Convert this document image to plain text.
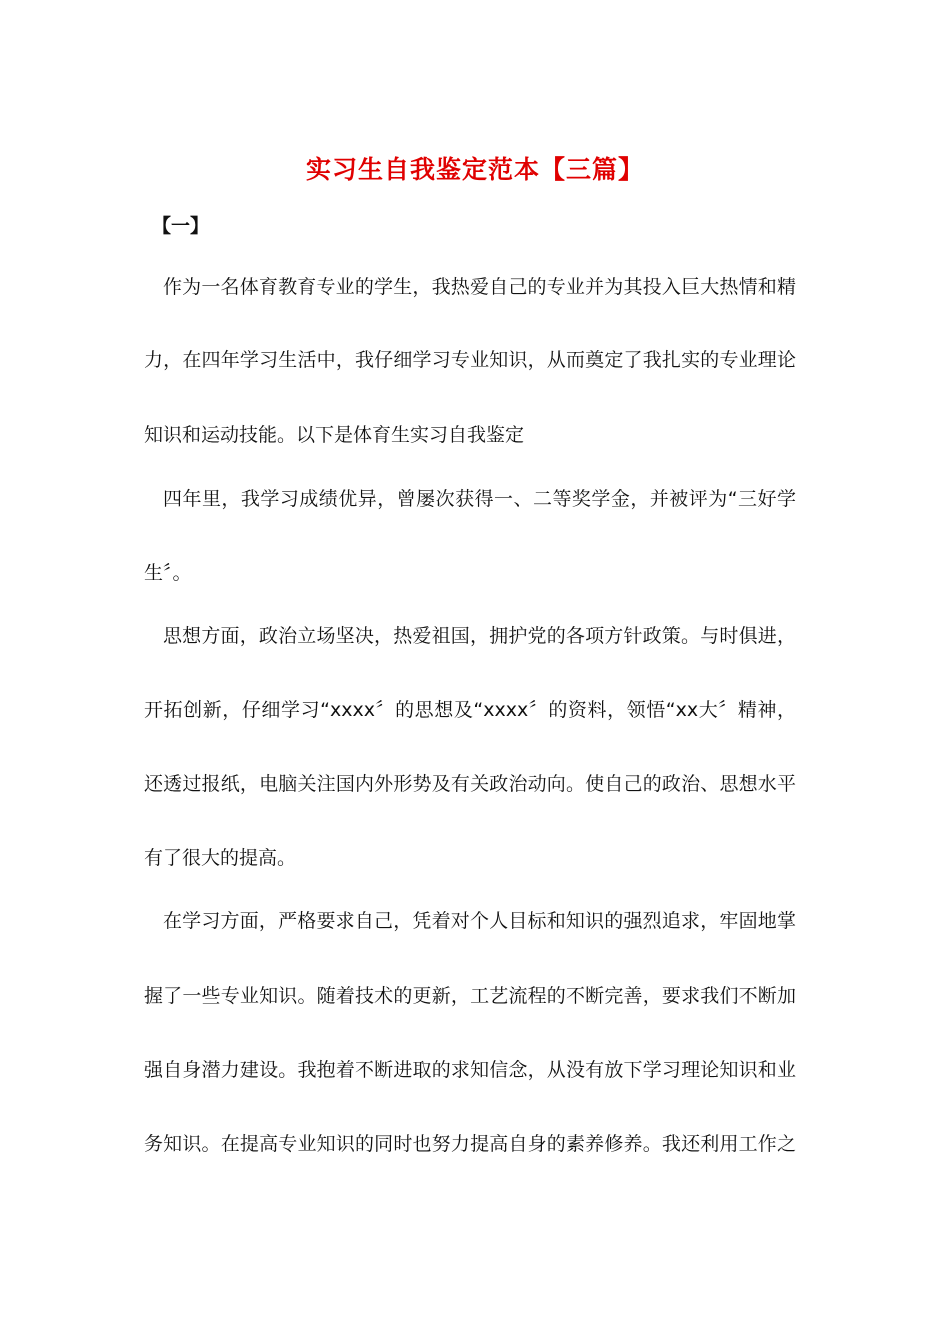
实习生自我鉴定范本【三篇】
【一】
作为一名体育教育专业的学生，我热爱自己的专业并为其投入巨大热情和精
力，在四年学习生活中，我仔细学习专业知识，从而奠定了我扎实的专业理论
知识和运动技能。以下是体育生实习自我鉴定
四年里，我学习成绩优异，曾屡次获得一、二等奖学金，并被评为“三好学
生〞。
思想方面，政治立场坚决，热爱祖国，拥护党的各项方针政策。与时俱进，
开拓创新，仔细学习“xxxx〞的思想及“xxxx〞的资料，领悟“xx大〞精神，
还透过报纸，电脑关注国内外形势及有关政治动向。使自己的政治、思想水平
有了很大的提高。
在学习方面，严格要求自己，凭着对个人目标和知识的强烈追求，牢固地掌
握了一些专业知识。随着技术的更新，工艺流程的不断完善，要求我们不断加
强自身潜力建设。我抱着不断进取的求知信念，从没有放下学习理论知识和业
务知识。在提高专业知识的同时也努力提高自身的素养修养。我还利用工作之
